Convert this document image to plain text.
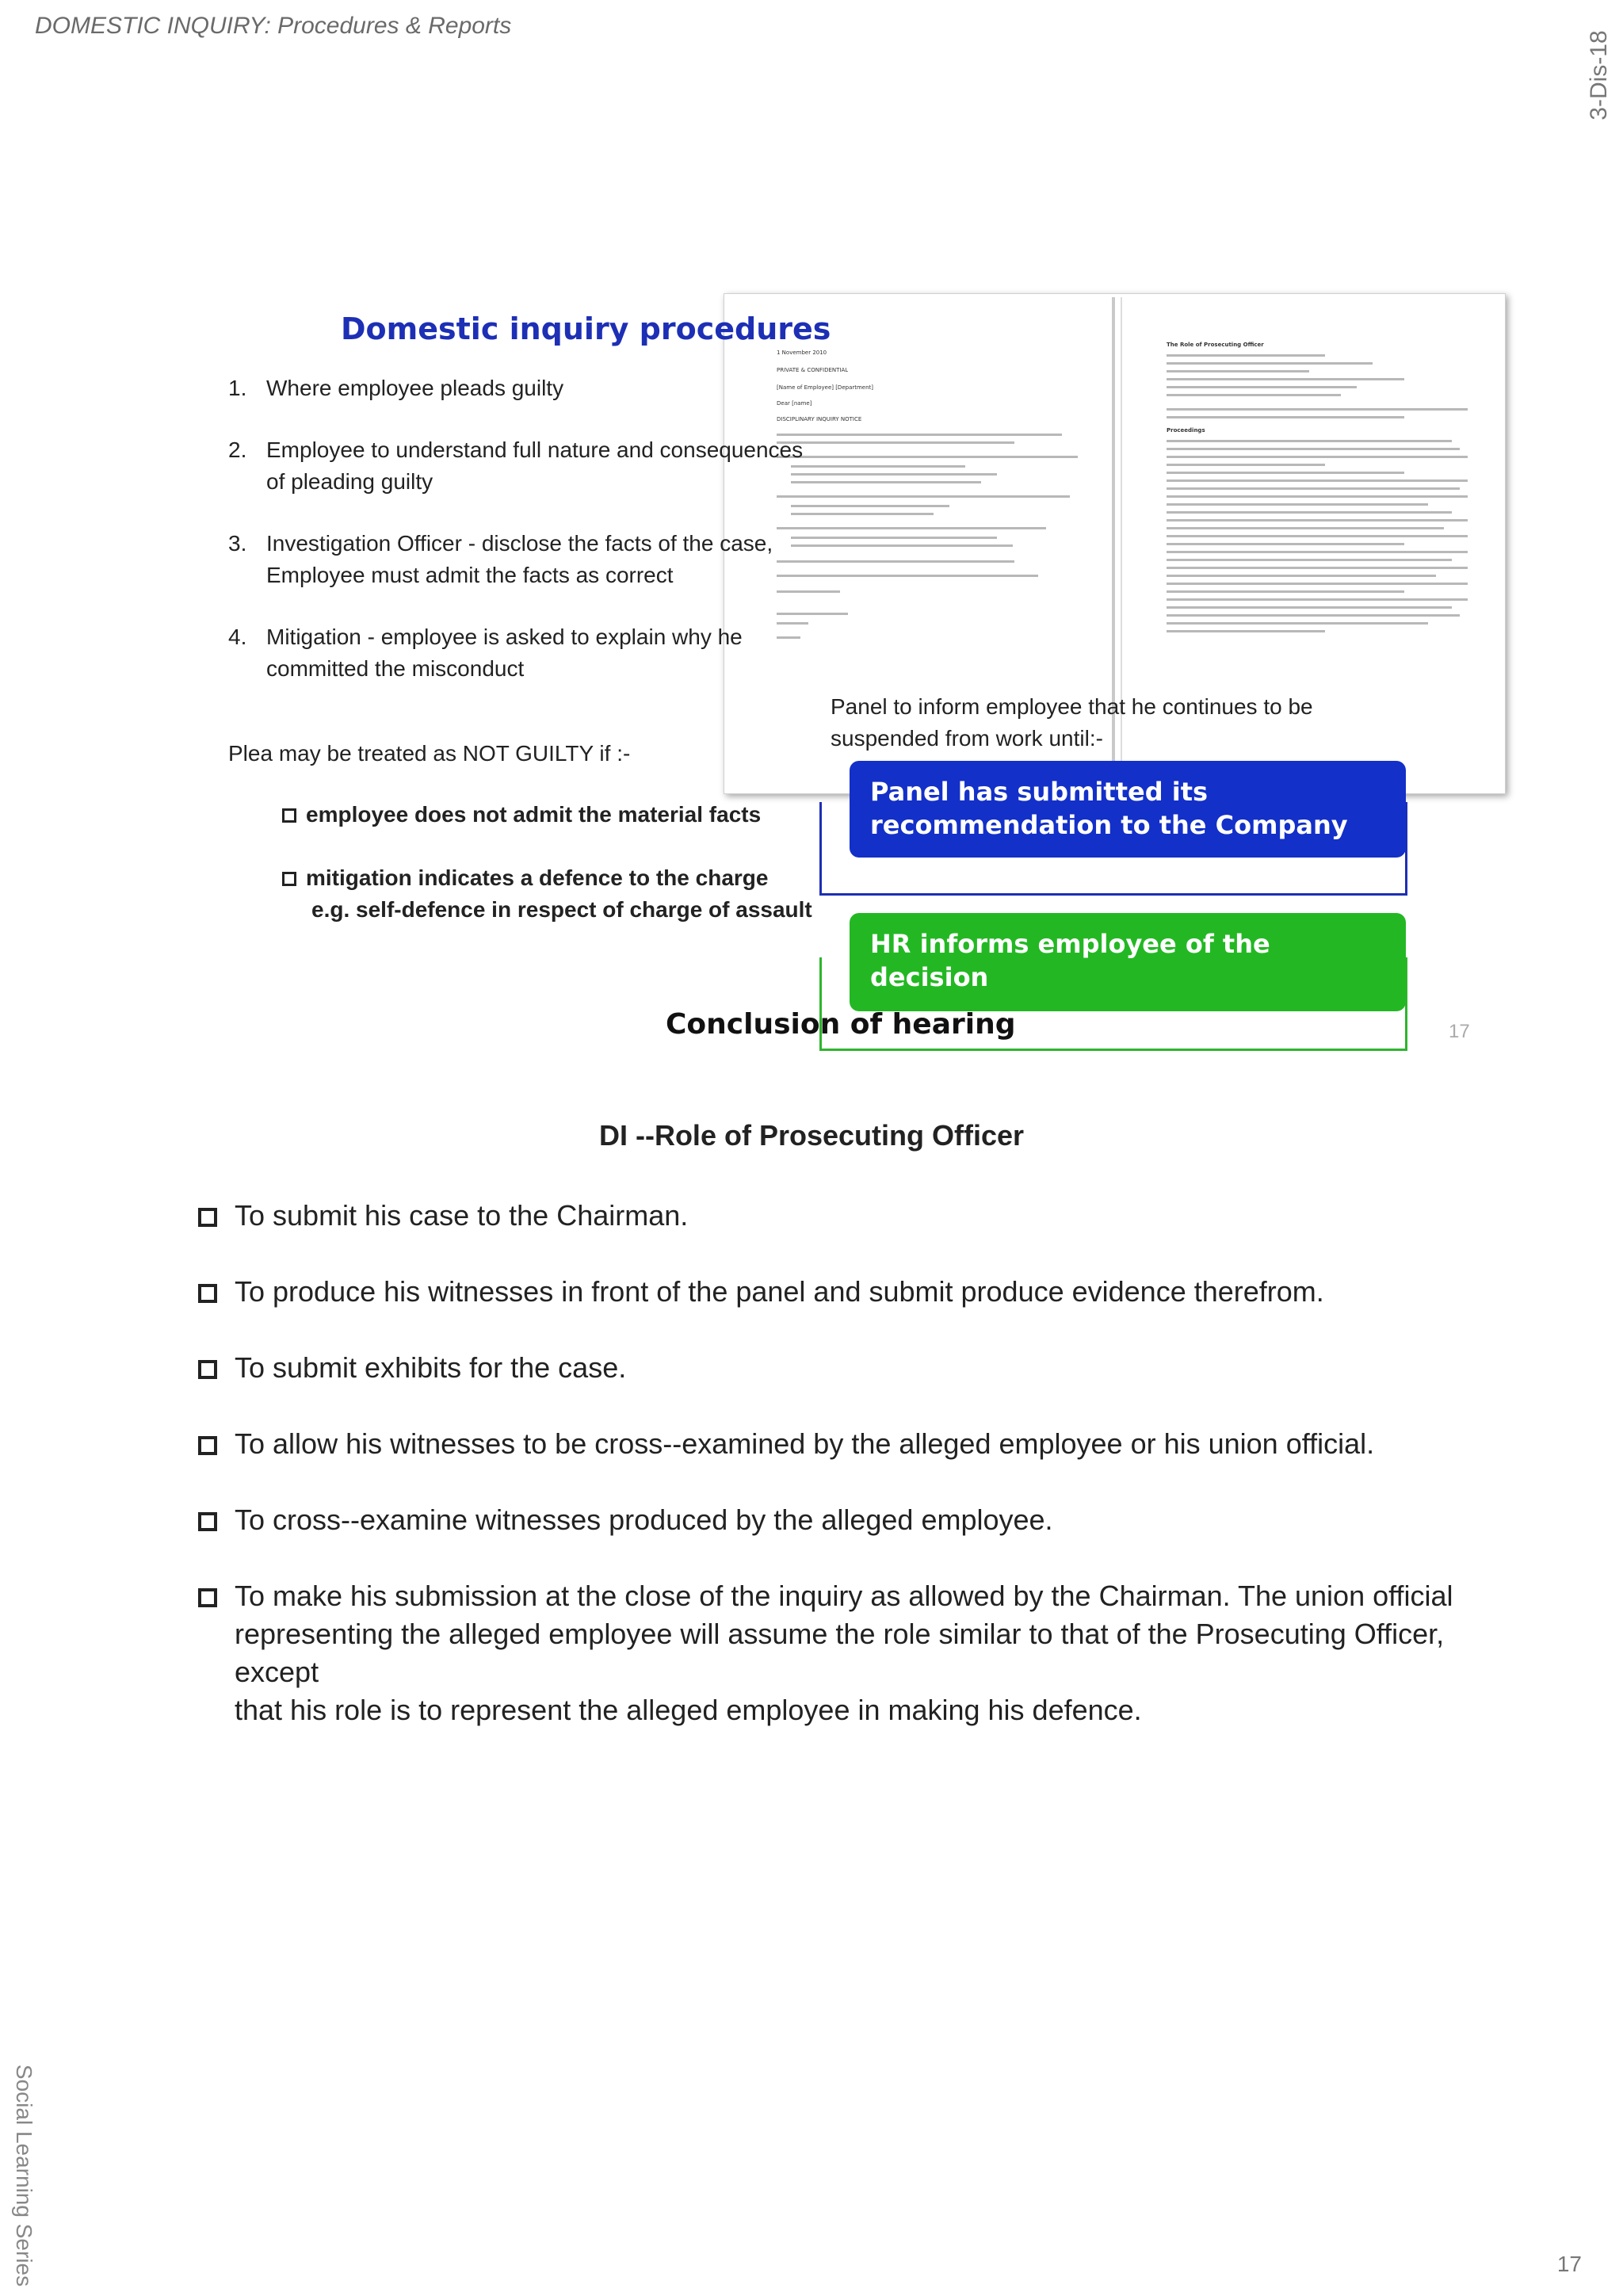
DOMESTIC INQUIRY: Procedures & Reports
3-Dis-18
Social Learning Series	17
1 November 2010
PRIVATE & CONFIDENTIAL
[Name of Employee] [Department]
Dear [name]
DISCIPLINARY INQUIRY NOTICE
The Role of Prosecuting Officer
Proceedings
Domestic inquiry procedures
1. Where employee pleads guilty
2. Employee to understand full nature and consequences
of pleading guilty
3. Investigation Officer - disclose the facts of the case,
Employee must admit the facts as correct
4. Mitigation - employee is asked to explain why he
committed the misconduct
Plea may be treated as NOT GUILTY if :-
employee does not admit the material facts
mitigation indicates a defence to the charge
e.g. self-defence in respect of charge of assault
Panel to inform employee that he continues to be
suspended from work until:-
Panel has submitted its
recommendation to the Company
HR informs employee of the
decision
Conclusion of hearing	17
DI --Role of Prosecuting Officer
To submit his case to the Chairman.
To produce his witnesses in front of the panel and submit produce evidence therefrom.
To submit exhibits for the case.
To allow his witnesses to be cross--examined by the alleged employee or his union official.
To cross--examine witnesses produced by the alleged employee.
To make his submission at the close of the inquiry as allowed by the Chairman. The union official
representing the alleged employee will assume the role similar to that of the Prosecuting Officer, except
that his role is to represent the alleged employee in making his defence.
